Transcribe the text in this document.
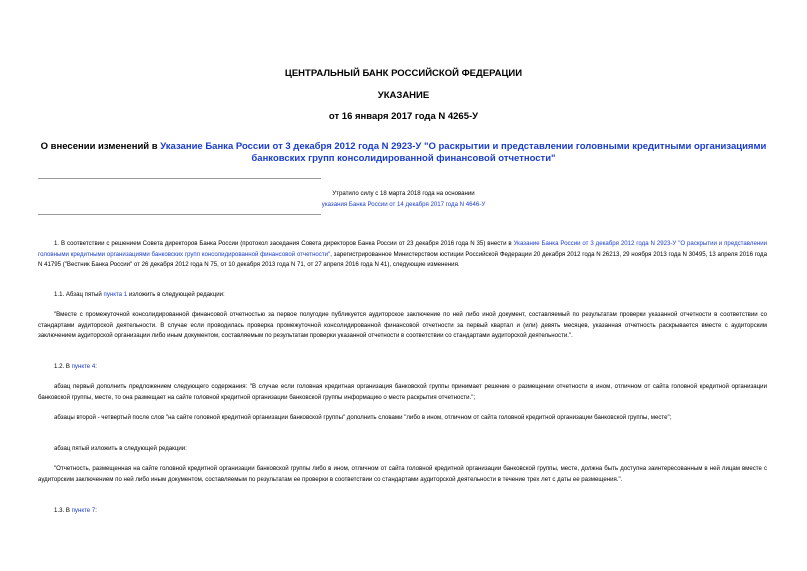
ЦЕНТРАЛЬНЫЙ БАНК РОССИЙСКОЙ ФЕДЕРАЦИИ
УКАЗАНИЕ
от 16 января 2017 года N 4265-У
О внесении изменений в Указание Банка России от 3 декабря 2012 года N 2923-У "О раскрытии и представлении головными кредитными организациями
банковских групп консолидированной финансовой отчетности"
Утратило силу с 18 марта 2018 года на основании
указания Банка России от 14 декабря 2017 года N 4646-У
1. В соответствии с решением Совета директоров Банка России (протокол заседания Совета директоров Банка России от 23 декабря 2016 года N 35) внести в Указание Банка России от 3 декабря 2012 года N 2923-У "О раскрытии и представлении головными кредитными организациями банковских групп консолидированной финансовой отчетности", зарегистрированное Министерством юстиции Российской Федерации 20 декабря 2012 года N 26213, 29 ноября 2013 года N 30495, 13 апреля 2016 года N 41795 ("Вестник Банка России" от 26 декабря 2012 года N 75, от 10 декабря 2013 года N 71, от 27 апреля 2016 года N 41), следующие изменения.
1.1. Абзац пятый пункта 1 изложить в следующей редакции:
"Вместе с промежуточной консолидированной финансовой отчетностью за первое полугодие публикуется аудиторское заключение по ней либо иной документ, составляемый по результатам проверки указанной отчетности в соответствии со стандартами аудиторской деятельности. В случае если проводилась проверка промежуточной консолидированной финансовой отчетности за первый квартал и (или) девять месяцев, указанная отчетность раскрывается вместе с аудиторским заключением аудиторской организации либо иным документом, составляемым по результатам проверки указанной отчетности в соответствии со стандартами аудиторской деятельности.".
1.2. В пункте 4:
абзац первый дополнить предложением следующего содержания: "В случае если головная кредитная организация банковской группы принимает решение о размещении отчетности в ином, отличном от сайта головной кредитной организации банковской группы, месте, то она размещает на сайте головной кредитной организации банковской группы информацию о месте раскрытия отчетности.";
абзацы второй - четвертый после слов "на сайте головной кредитной организации банковской группы" дополнить словами "либо в ином, отличном от сайта головной кредитной организации банковской группы, месте";
абзац пятый изложить в следующей редакции:
"Отчетность, размещенная на сайте головной кредитной организации банковской группы либо в ином, отличном от сайта головной кредитной организации банковской группы, месте, должна быть доступна заинтересованным в ней лицам вместе с аудиторским заключением по ней либо иным документом, составляемым по результатам ее проверки в соответствии со стандартами аудиторской деятельности в течение трех лет с даты ее размещения.".
1.3. В пункте 7:
